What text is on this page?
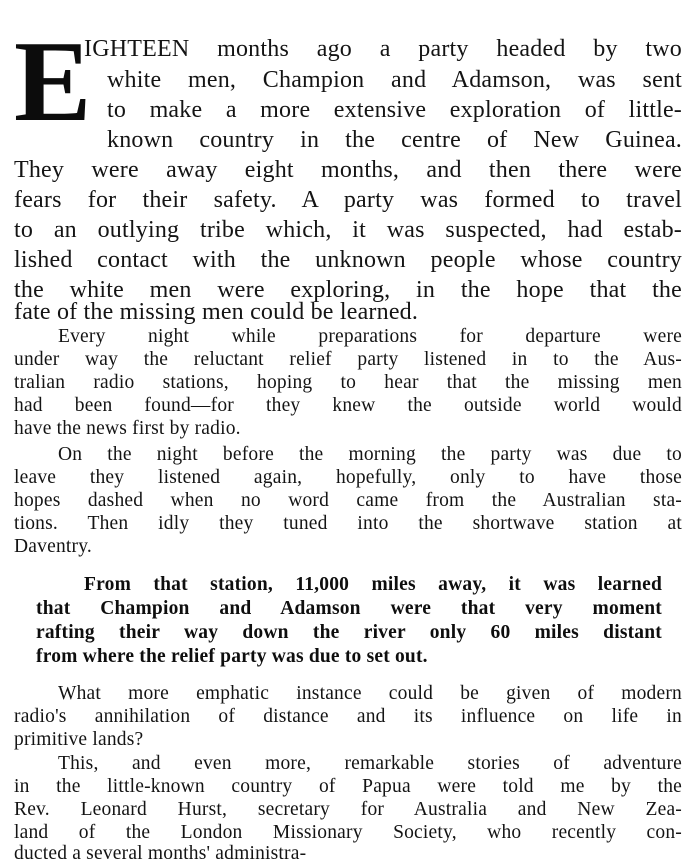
E
IGHTEEN months ago a party headed by two
white men, Champion and Adamson, was sent
to make a more extensive exploration of little-
known country in the centre of New Guinea.
They were away eight months, and then there were
fears for their safety. A party was formed to travel
to an outlying tribe which, it was suspected, had estab-
lished contact with the unknown people whose country
the white men were exploring, in the hope that the
fate of the missing men could be learned.
Every night while preparations for departure were
under way the reluctant relief party listened in to the Aus-
tralian radio stations, hoping to hear that the missing men
had been found—for they knew the outside world would
have the news first by radio.
On the night before the morning the party was due to
leave they listened again, hopefully, only to have those
hopes dashed when no word came from the Australian sta-
tions. Then idly they tuned into the shortwave station at
Daventry.
From that station, 11,000 miles away, it was learned
that Champion and Adamson were that very moment
rafting their way down the river only 60 miles distant
from where the relief party was due to set out.
What more emphatic instance could be given of modern
radio's annihilation of distance and its influence on life in
primitive lands?
This, and even more, remarkable stories of adventure
in the little-known country of Papua were told me by the
Rev. Leonard Hurst, secretary for Australia and New Zea-
land of the London Missionary Society, who recently con-
ducted a several months' administra-
